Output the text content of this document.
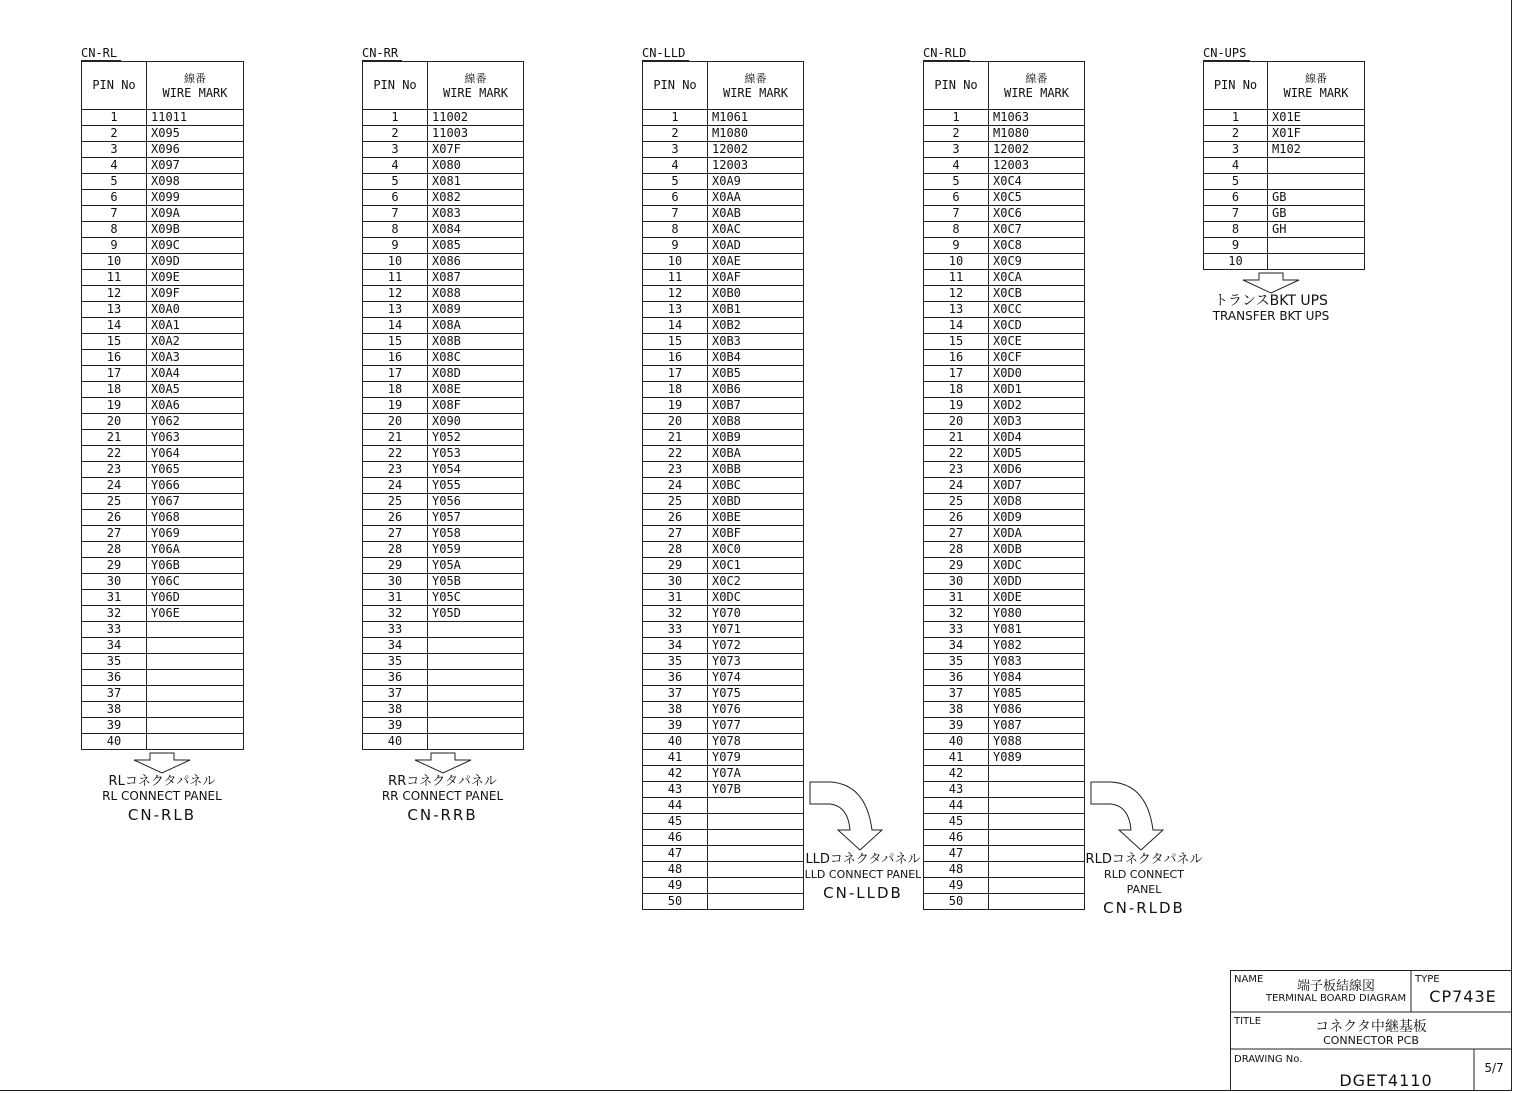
CN-RL
PIN No	線番
WIRE MARK
1	11011
2	X095
3	X096
4	X097
5	X098
6	X099
7	X09A
8	X09B
9	X09C
10	X09D
11	X09E
12	X09F
13	X0A0
14	X0A1
15	X0A2
16	X0A3
17	X0A4
18	X0A5
19	X0A6
20	Y062
21	Y063
22	Y064
23	Y065
24	Y066
25	Y067
26	Y068
27	Y069
28	Y06A
29	Y06B
30	Y06C
31	Y06D
32	Y06E
33	
34	
35	
36	
37	
38	
39	
40	
RLコネクタパネル
RL CONNECT PANEL
CN-RLB
CN-RR
PIN No	線番
WIRE MARK
1	11002
2	11003
3	X07F
4	X080
5	X081
6	X082
7	X083
8	X084
9	X085
10	X086
11	X087
12	X088
13	X089
14	X08A
15	X08B
16	X08C
17	X08D
18	X08E
19	X08F
20	X090
21	Y052
22	Y053
23	Y054
24	Y055
25	Y056
26	Y057
27	Y058
28	Y059
29	Y05A
30	Y05B
31	Y05C
32	Y05D
33	
34	
35	
36	
37	
38	
39	
40	
RRコネクタパネル
RR CONNECT PANEL
CN-RRB
CN-LLD
PIN No	線番
WIRE MARK
1	M1061
2	M1080
3	12002
4	12003
5	X0A9
6	X0AA
7	X0AB
8	X0AC
9	X0AD
10	X0AE
11	X0AF
12	X0B0
13	X0B1
14	X0B2
15	X0B3
16	X0B4
17	X0B5
18	X0B6
19	X0B7
20	X0B8
21	X0B9
22	X0BA
23	X0BB
24	X0BC
25	X0BD
26	X0BE
27	X0BF
28	X0C0
29	X0C1
30	X0C2
31	X0DC
32	Y070
33	Y071
34	Y072
35	Y073
36	Y074
37	Y075
38	Y076
39	Y077
40	Y078
41	Y079
42	Y07A
43	Y07B
44	
45	
46	
47	
48	
49	
50	
LLDコネクタパネル
LLD CONNECT PANEL
CN-LLDB
CN-RLD
PIN No	線番
WIRE MARK
1	M1063
2	M1080
3	12002
4	12003
5	X0C4
6	X0C5
7	X0C6
8	X0C7
9	X0C8
10	X0C9
11	X0CA
12	X0CB
13	X0CC
14	X0CD
15	X0CE
16	X0CF
17	X0D0
18	X0D1
19	X0D2
20	X0D3
21	X0D4
22	X0D5
23	X0D6
24	X0D7
25	X0D8
26	X0D9
27	X0DA
28	X0DB
29	X0DC
30	X0DD
31	X0DE
32	Y080
33	Y081
34	Y082
35	Y083
36	Y084
37	Y085
38	Y086
39	Y087
40	Y088
41	Y089
42	
43	
44	
45	
46	
47	
48	
49	
50	
RLDコネクタパネル
RLD CONNECT PANEL
CN-RLDB
CN-UPS
PIN No	線番
WIRE MARK
1	X01E
2	X01F
3	M102
4	
5	
6	GB
7	GB
8	GH
9	
10	
トランスBKT UPS
TRANSFER BKT UPS
NAME	端子板結線図
TERMINAL BOARD DIAGRAM
TYPE
CP743E
TITLE	コネクタ中継基板
CONNECTOR PCB
DRAWING No.
DGET4110
5/7
